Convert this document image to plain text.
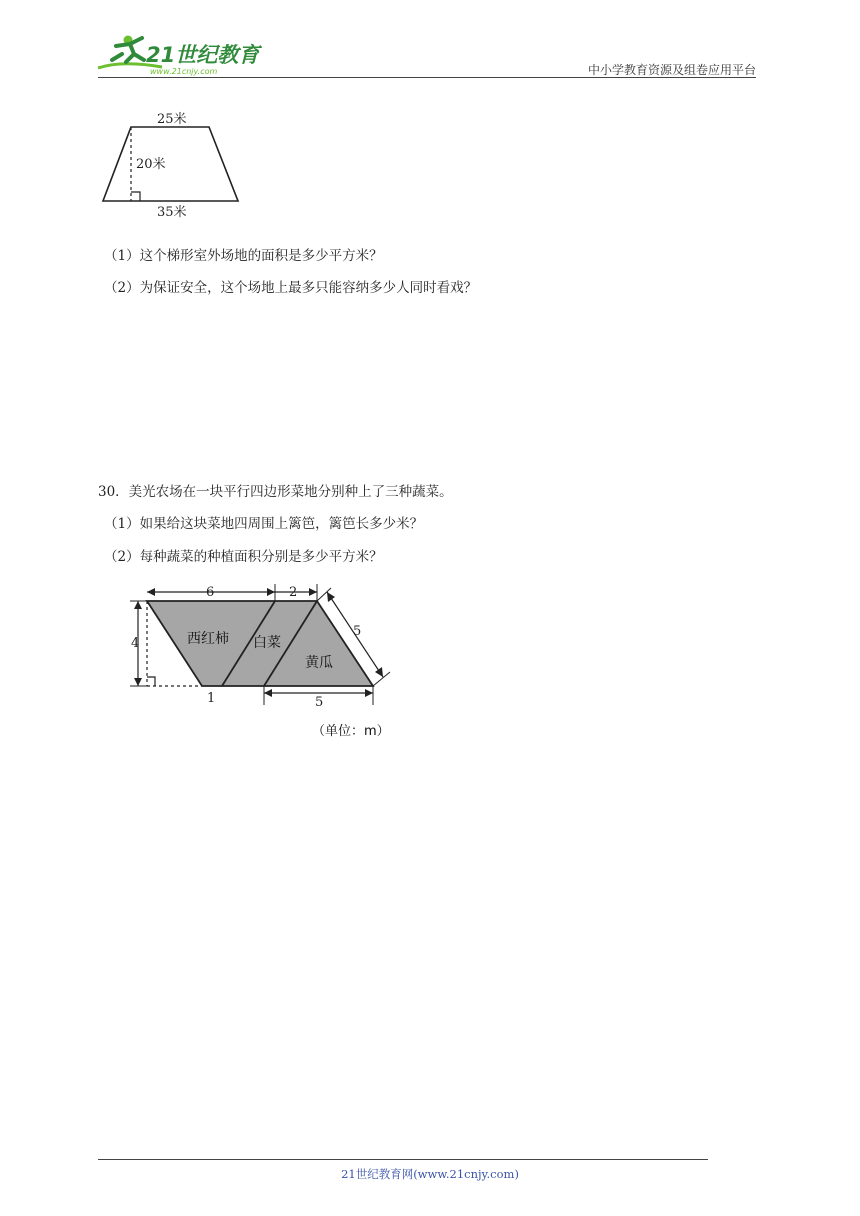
21世纪教育
www.21cnjy.com	中小学教育资源及组卷应用平台
25米
20米
35米
（1）这个梯形室外场地的面积是多少平方米？
（2）为保证安全，这个场地上最多只能容纳多少人同时看戏？
30．美光农场在一块平行四边形菜地分别种上了三种蔬菜。
（1）如果给这块菜地四周围上篱笆，篱笆长多少米？
（2）每种蔬菜的种植面积分别是多少平方米？
6	2
4
5
1	5
西红柿 白菜
黄瓜
（单位：m）
21世纪教育网(www.21cnjy.com)
